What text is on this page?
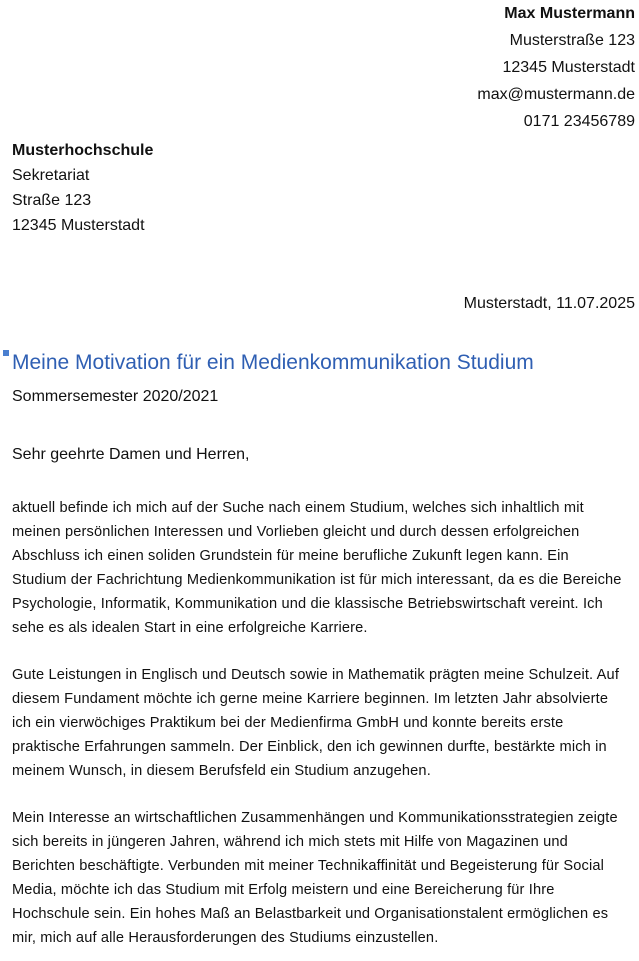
Max Mustermann
Musterstraße 123
12345 Musterstadt
max@mustermann.de
0171 23456789
Musterhochschule
Sekretariat
Straße 123
12345 Musterstadt
Musterstadt, 11.07.2025
Meine Motivation für ein Medienkommunikation Studium
Sommersemester 2020/2021
Sehr geehrte Damen und Herren,

aktuell befinde ich mich auf der Suche nach einem Studium, welches sich inhaltlich mit meinen persönlichen Interessen und Vorlieben gleicht und durch dessen erfolgreichen Abschluss ich einen soliden Grundstein für meine berufliche Zukunft legen kann. Ein Studium der Fachrichtung Medienkommunikation ist für mich interessant, da es die Bereiche Psychologie, Informatik, Kommunikation und die klassische Betriebswirtschaft vereint. Ich sehe es als idealen Start in eine erfolgreiche Karriere.

Gute Leistungen in Englisch und Deutsch sowie in Mathematik prägten meine Schulzeit. Auf diesem Fundament möchte ich gerne meine Karriere beginnen. Im letzten Jahr absolvierte ich ein vierwöchiges Praktikum bei der Medienfirma GmbH und konnte bereits erste praktische Erfahrungen sammeln. Der Einblick, den ich gewinnen durfte, bestärkte mich in meinem Wunsch, in diesem Berufsfeld ein Studium anzugehen.

Mein Interesse an wirtschaftlichen Zusammenhängen und Kommunikationsstrategien zeigte sich bereits in jüngeren Jahren, während ich mich stets mit Hilfe von Magazinen und Berichten beschäftigte. Verbunden mit meiner Technikaffinität und Begeisterung für Social Media, möchte ich das Studium mit Erfolg meistern und eine Bereicherung für Ihre Hochschule sein. Ein hohes Maß an Belastbarkeit und Organisationstalent ermöglichen es mir, mich auf alle Herausforderungen des Studiums einzustellen.
